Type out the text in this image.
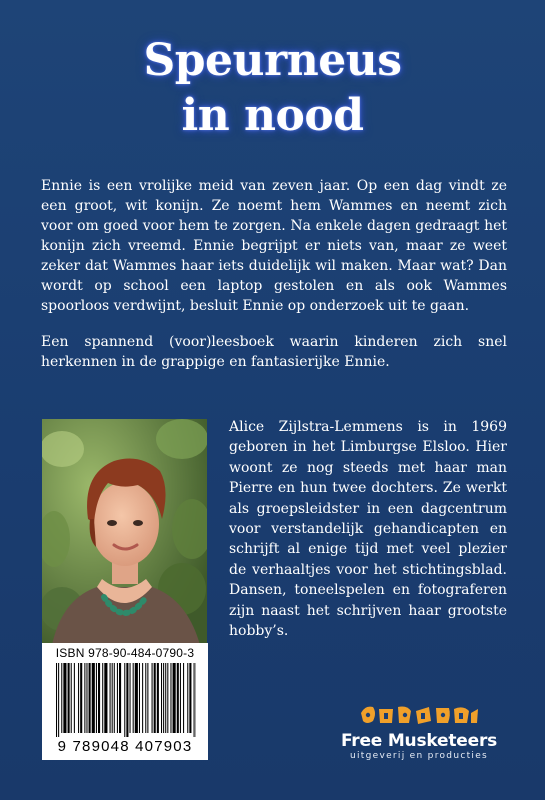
Speurneus
in nood

Ennie is een vrolijke meid van zeven jaar. Op een dag vindt ze een groot, wit konijn. Ze noemt hem Wammes en neemt zich voor om goed voor hem te zorgen. Na enkele dagen gedraagt het konijn zich vreemd. Ennie begrijpt er niets van, maar ze weet zeker dat Wammes haar iets duidelijk wil maken. Maar wat? Dan wordt op school een laptop gestolen en als ook Wammes spoorloos verdwijnt, besluit Ennie op onderzoek uit te gaan.

Een spannend (voor)leesboek waarin kinderen zich snel herkennen in de grappige en fantasierijke Ennie.

Alice Zijlstra-Lemmens is in 1969 geboren in het Limburgse Elsloo. Hier woont ze nog steeds met haar man Pierre en hun twee dochters. Ze werkt als groepsleidster in een dagcentrum voor verstandelijk gehandicapten en schrijft al enige tijd met veel plezier de verhaaltjes voor het stichtingsblad. Dansen, toneelspelen en fotograferen zijn naast het schrijven haar grootste hobby’s.

ISBN 978-90-484-0790-3
9 789048 407903	Free Musketeers
uitgeverij en producties
